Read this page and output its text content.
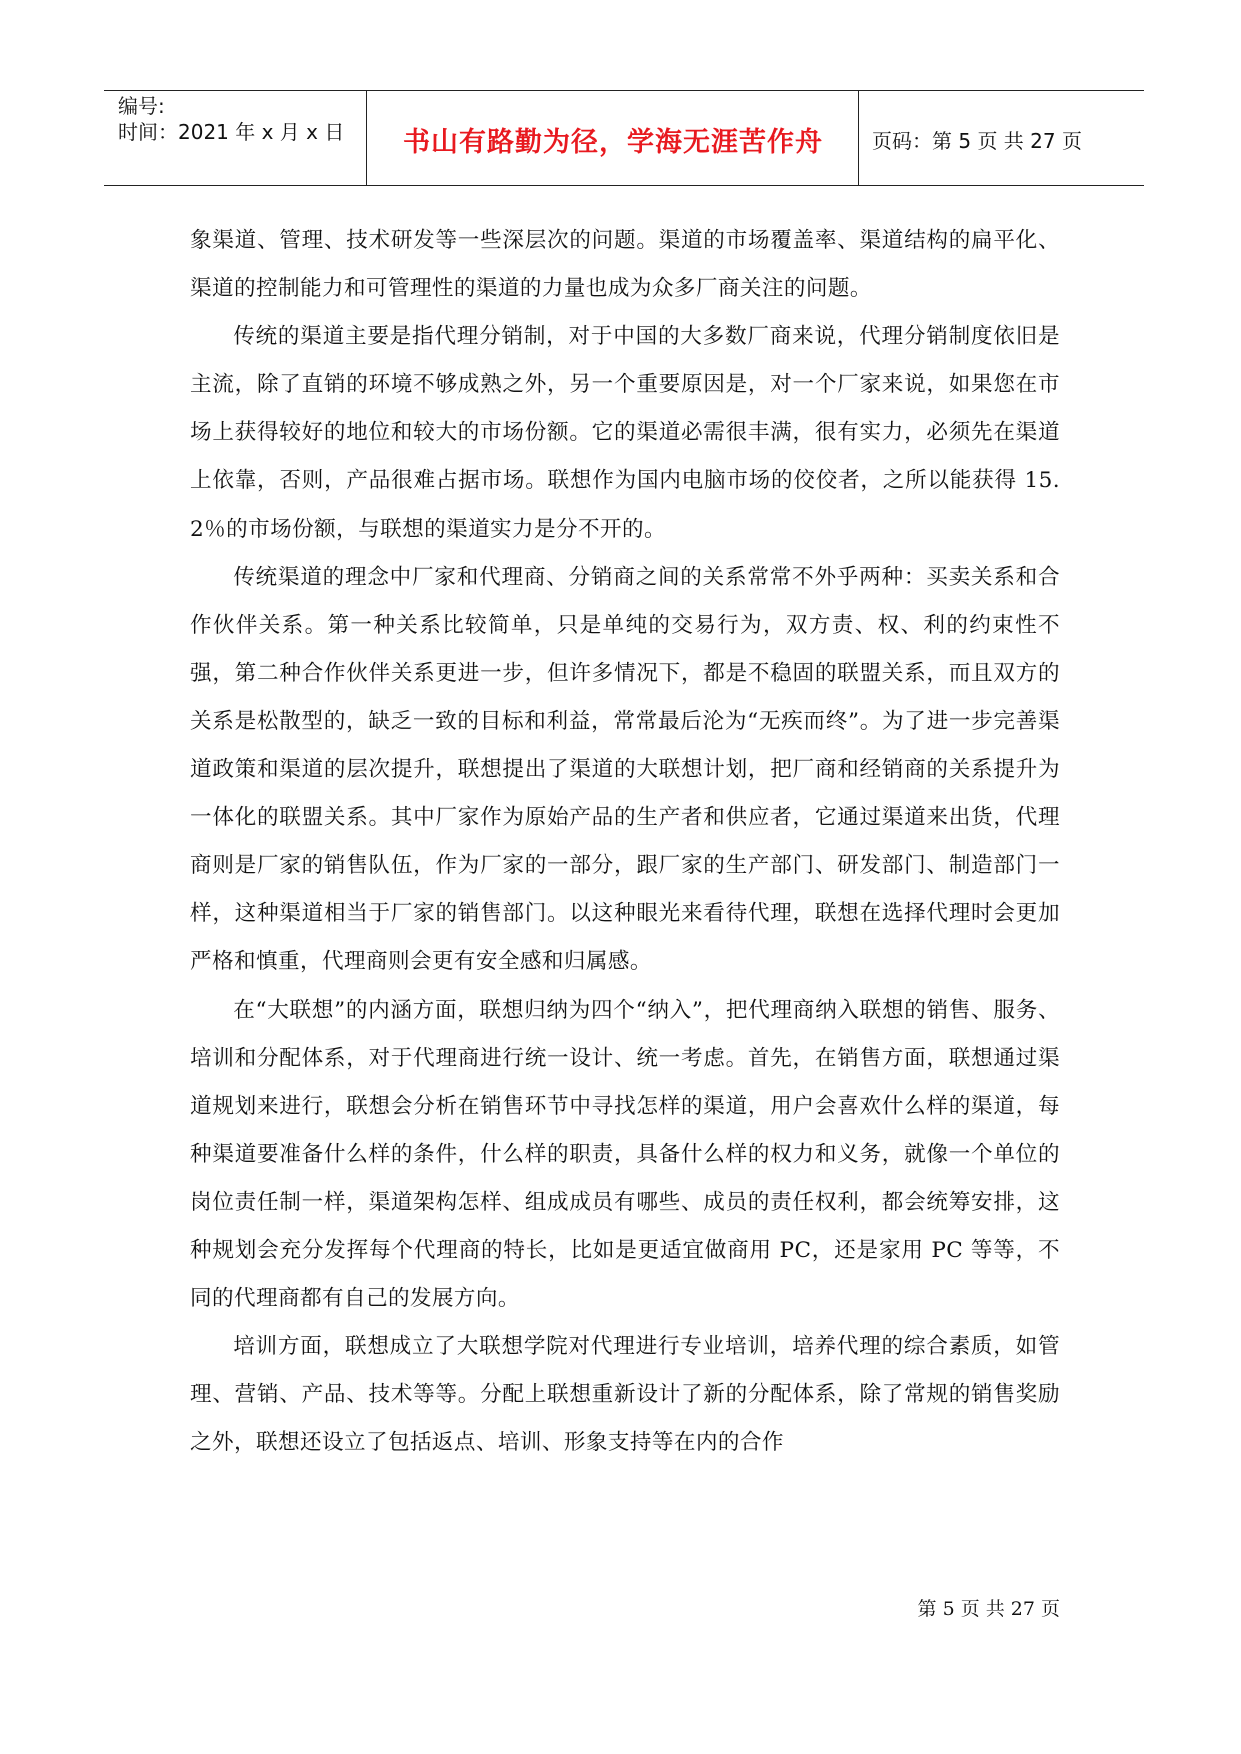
编号:
时间：2021 年 x 月 x 日	书山有路勤为径，学海无涯苦作舟	页码：第 5 页 共 27 页

象渠道、管理、技术研发等一些深层次的问题。渠道的市场覆盖率、渠道结构的扁平化、渠道的控制能力和可管理性的渠道的力量也成为众多厂商关注的问题。

传统的渠道主要是指代理分销制，对于中国的大多数厂商来说，代理分销制度依旧是主流，除了直销的环境不够成熟之外，另一个重要原因是，对一个厂家来说，如果您在市场上获得较好的地位和较大的市场份额。它的渠道必需很丰满，很有实力，必须先在渠道上依靠，否则，产品很难占据市场。联想作为国内电脑市场的佼佼者，之所以能获得 15.2％的市场份额，与联想的渠道实力是分不开的。

传统渠道的理念中厂家和代理商、分销商之间的关系常常不外乎两种：买卖关系和合作伙伴关系。第一种关系比较简单，只是单纯的交易行为，双方责、权、利的约束性不强，第二种合作伙伴关系更进一步，但许多情况下，都是不稳固的联盟关系，而且双方的关系是松散型的，缺乏一致的目标和利益，常常最后沦为“无疾而终”。为了进一步完善渠道政策和渠道的层次提升，联想提出了渠道的大联想计划，把厂商和经销商的关系提升为一体化的联盟关系。其中厂家作为原始产品的生产者和供应者，它通过渠道来出货，代理商则是厂家的销售队伍，作为厂家的一部分，跟厂家的生产部门、研发部门、制造部门一样，这种渠道相当于厂家的销售部门。以这种眼光来看待代理，联想在选择代理时会更加严格和慎重，代理商则会更有安全感和归属感。

在“大联想”的内涵方面，联想归纳为四个“纳入”，把代理商纳入联想的销售、服务、培训和分配体系，对于代理商进行统一设计、统一考虑。首先，在销售方面，联想通过渠道规划来进行，联想会分析在销售环节中寻找怎样的渠道，用户会喜欢什么样的渠道，每种渠道要准备什么样的条件，什么样的职责，具备什么样的权力和义务，就像一个单位的岗位责任制一样，渠道架构怎样、组成成员有哪些、成员的责任权利，都会统筹安排，这种规划会充分发挥每个代理商的特长，比如是更适宜做商用 PC，还是家用 PC 等等，不同的代理商都有自己的发展方向。

培训方面，联想成立了大联想学院对代理进行专业培训，培养代理的综合素质，如管理、营销、产品、技术等等。分配上联想重新设计了新的分配体系，除了常规的销售奖励之外，联想还设立了包括返点、培训、形象支持等在内的合作

第 5 页 共 27 页
